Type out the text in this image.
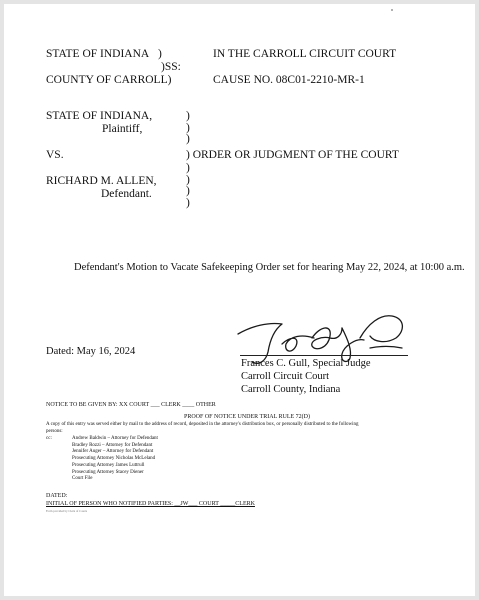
STATE OF INDIANA )
)SS:
COUNTY OF CARROLL)
IN THE CARROLL CIRCUIT COURT
CAUSE NO. 08C01-2210-MR-1
STATE OF INDIANA,
Plaintiff,
VS.
RICHARD M. ALLEN,
Defendant.
)
)
)
) ORDER OR JUDGMENT OF THE COURT
)
)
)
)
Defendant's Motion to Vacate Safekeeping Order set for hearing May 22, 2024, at 10:00 a.m.
Dated: May 16, 2024
Frances C. Gull, Special Judge
Carroll Circuit Court
Carroll County, Indiana
NOTICE TO BE GIVEN BY: XX COURT ___ CLERK ____ OTHER
PROOF OF NOTICE UNDER TRIAL RULE 72(D)
A copy of this entry was served either by mail to the address of record, deposited in the attorney's distribution box, or personally distributed to the following
persons:
cc:	Andrew Baldwin – Attorney for Defendant
Bradley Rozzi – Attorney for Defendant
Jennifer Auger – Attorney for Defendant
Prosecuting Attorney Nicholas McLeland
Prosecuting Attorney James Luttrull
Prosecuting Attorney Stacey Diener
Court File
DATED:
INITIAL OF PERSON WHO NOTIFIED PARTIES: __JW___ COURT _____CLERK
Form provided by Clerk of Courts
